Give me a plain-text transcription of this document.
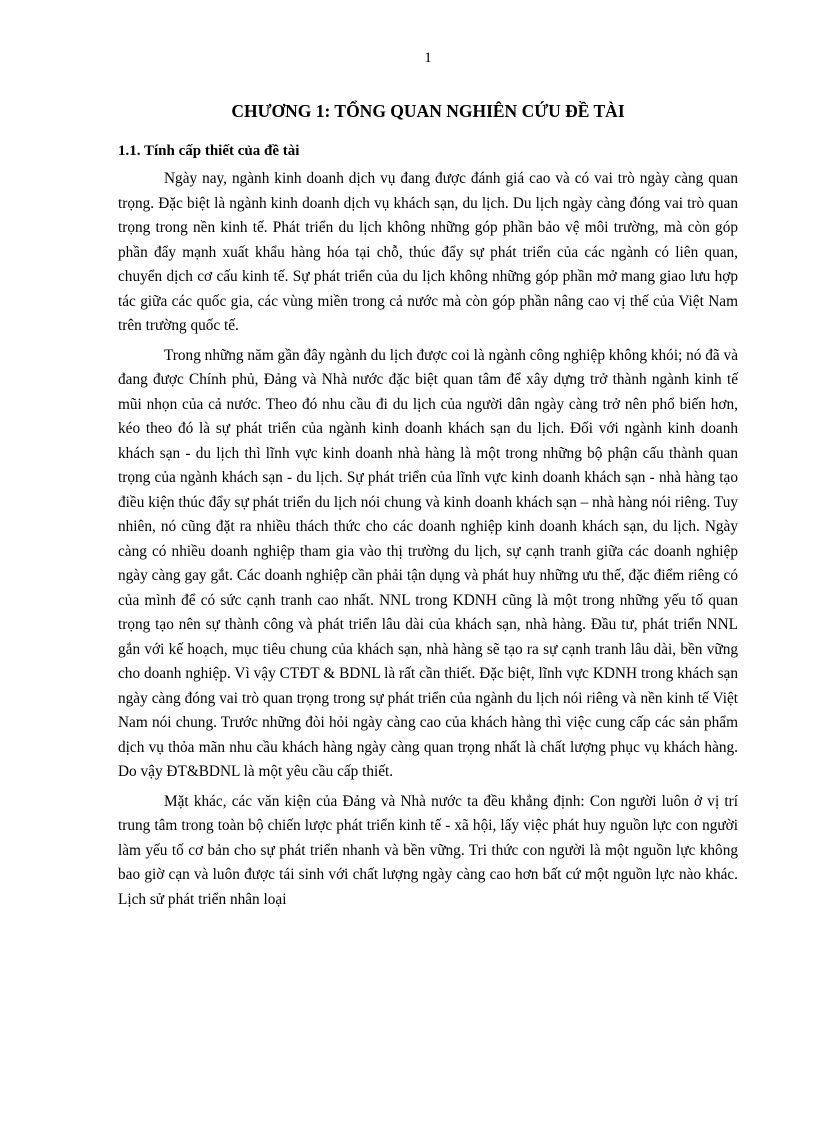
1
CHƯƠNG 1: TỔNG QUAN NGHIÊN CỨU ĐỀ TÀI
1.1. Tính cấp thiết của đề tài

Ngày nay, ngành kinh doanh dịch vụ đang được đánh giá cao và có vai trò ngày càng quan trọng. Đặc biệt là ngành kinh doanh dịch vụ khách sạn, du lịch. Du lịch ngày càng đóng vai trò quan trọng trong nền kinh tế. Phát triển du lịch không những góp phần bảo vệ môi trường, mà còn góp phần đẩy mạnh xuất khẩu hàng hóa tại chỗ, thúc đẩy sự phát triển của các ngành có liên quan, chuyển dịch cơ cấu kinh tế. Sự phát triển của du lịch không những góp phần mở mang giao lưu hợp tác giữa các quốc gia, các vùng miền trong cả nước mà còn góp phần nâng cao vị thế của Việt Nam trên trường quốc tế.

Trong những năm gần đây ngành du lịch được coi là ngành công nghiệp không khói; nó đã và đang được Chính phủ, Đảng và Nhà nước đặc biệt quan tâm để xây dựng trở thành ngành kinh tế mũi nhọn của cả nước. Theo đó nhu cầu đi du lịch của người dân ngày càng trở nên phổ biến hơn, kéo theo đó là sự phát triển của ngành kinh doanh khách sạn du lịch. Đối với ngành kinh doanh khách sạn - du lịch thì lĩnh vực kinh doanh nhà hàng là một trong những bộ phận cấu thành quan trọng của ngành khách sạn - du lịch. Sự phát triển của lĩnh vực kinh doanh khách sạn - nhà hàng tạo điều kiện thúc đẩy sự phát triển du lịch nói chung và kinh doanh khách sạn – nhà hàng nói riêng. Tuy nhiên, nó cũng đặt ra nhiều thách thức cho các doanh nghiệp kinh doanh khách sạn, du lịch. Ngày càng có nhiều doanh nghiệp tham gia vào thị trường du lịch, sự cạnh tranh giữa các doanh nghiệp ngày càng gay gắt. Các doanh nghiệp cần phải tận dụng và phát huy những ưu thế, đặc điểm riêng có của mình để có sức cạnh tranh cao nhất. NNL trong KDNH cũng là một trong những yếu tố quan trọng tạo nên sự thành công và phát triển lâu dài của khách sạn, nhà hàng. Đầu tư, phát triển NNL gắn với kế hoạch, mục tiêu chung của khách sạn, nhà hàng sẽ tạo ra sự cạnh tranh lâu dài, bền vững cho doanh nghiệp. Vì vậy CTĐT & BDNL là rất cần thiết. Đặc biệt, lĩnh vực KDNH trong khách sạn ngày càng đóng vai trò quan trọng trong sự phát triển của ngành du lịch nói riêng và nền kinh tế Việt Nam nói chung. Trước những đòi hỏi ngày càng cao của khách hàng thì việc cung cấp các sản phẩm dịch vụ thỏa mãn nhu cầu khách hàng ngày càng quan trọng nhất là chất lượng phục vụ khách hàng. Do vậy ĐT&BDNL là một yêu cầu cấp thiết.

Mặt khác, các văn kiện của Đảng và Nhà nước ta đều khẳng định: Con người luôn ở vị trí trung tâm trong toàn bộ chiến lược phát triển kinh tế - xã hội, lấy việc phát huy nguồn lực con người làm yếu tố cơ bản cho sự phát triển nhanh và bền vững. Tri thức con người là một nguồn lực không bao giờ cạn và luôn được tái sinh với chất lượng ngày càng cao hơn bất cứ một nguồn lực nào khác. Lịch sử phát triển nhân loại
